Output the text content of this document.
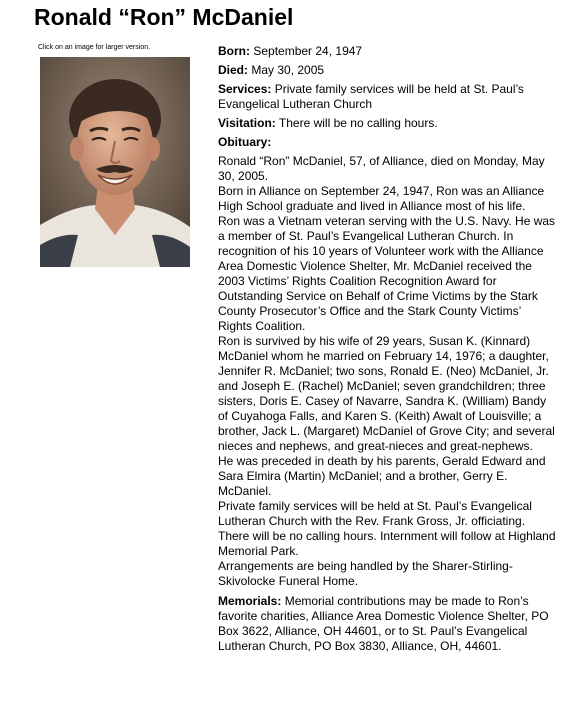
Ronald “Ron” McDaniel
Click on an image for larger version.	Born: September 24, 1947
Died: May 30, 2005
Services: Private family services will be held at St. Paul’s Evangelical Lutheran Church
Visitation: There will be no calling hours.
Obituary:

Ronald “Ron” McDaniel, 57, of Alliance, died on Monday, May 30, 2005.

Born in Alliance on September 24, 1947, Ron was an Alliance High School graduate and lived in Alliance most of his life.

Ron was a Vietnam veteran serving with the U.S. Navy. He was a member of St. Paul’s Evangelical Lutheran Church. In recognition of his 10 years of Volunteer work with the Alliance Area Domestic Violence Shelter, Mr. McDaniel received the 2003 Victims’ Rights Coalition Recognition Award for Outstanding Service on Behalf of Crime Victims by the Stark County Prosecutor’s Office and the Stark County Victims’ Rights Coalition.

Ron is survived by his wife of 29 years, Susan K. (Kinnard) McDaniel whom he married on February 14, 1976; a daughter, Jennifer R. McDaniel; two sons, Ronald E. (Neo) McDaniel, Jr. and Joseph E. (Rachel) McDaniel; seven grandchildren; three sisters, Doris E. Casey of Navarre, Sandra K. (William) Bandy of Cuyahoga Falls, and Karen S. (Keith) Awalt of Louisville; a brother, Jack L. (Margaret) McDaniel of Grove City; and several nieces and nephews, and great-nieces and great-nephews.

He was preceded in death by his parents, Gerald Edward and Sara Elmira (Martin) McDaniel; and a brother, Gerry E. McDaniel.

Private family services will be held at St. Paul’s Evangelical Lutheran Church with the Rev. Frank Gross, Jr. officiating. There will be no calling hours. Internment will follow at Highland Memorial Park.

Arrangements are being handled by the Sharer-Stirling-Skivolocke Funeral Home.

Memorials: Memorial contributions may be made to Ron’s favorite charities, Alliance Area Domestic Violence Shelter, PO Box 3622, Alliance, OH 44601, or to St. Paul’s Evangelical Lutheran Church, PO Box 3830, Alliance, OH, 44601.
